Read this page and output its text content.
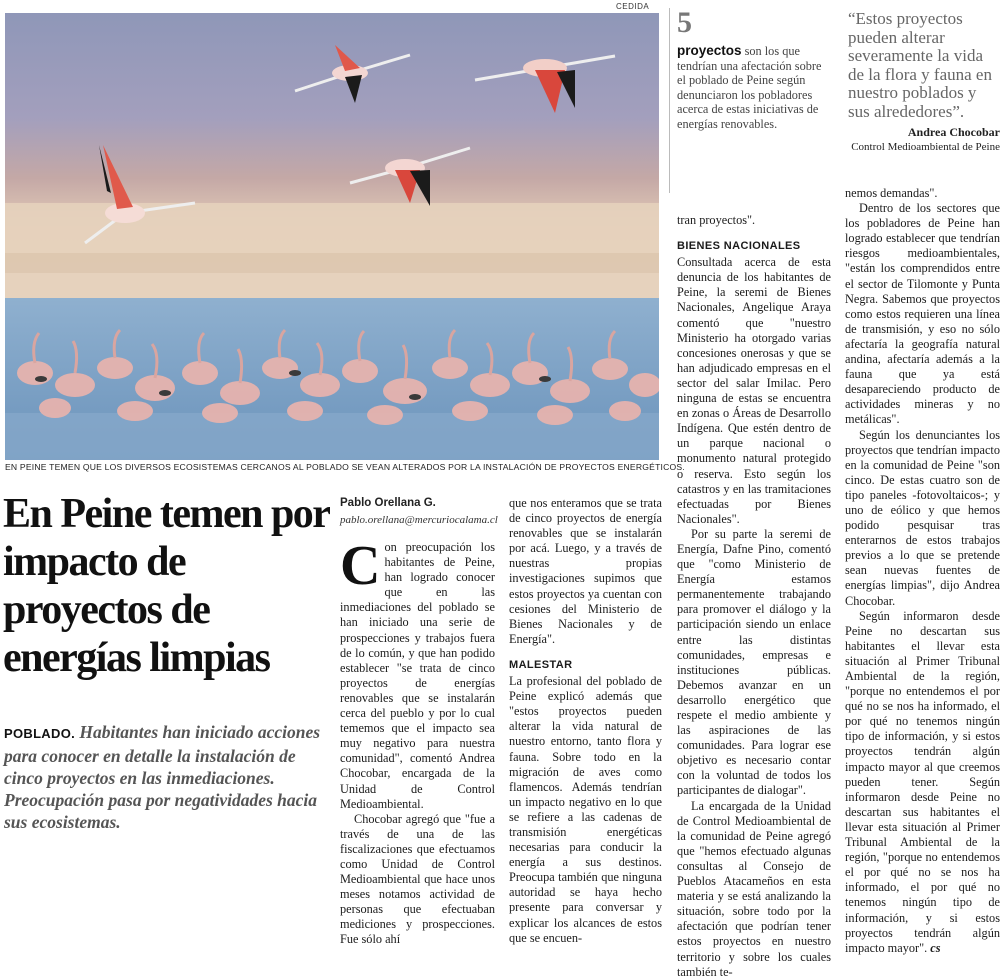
CEDIDA
EN PEINE TEMEN QUE LOS DIVERSOS ECOSISTEMAS CERCANOS AL POBLADO SE VEAN ALTERADOS POR LA INSTALACIÓN DE PROYECTOS ENERGÉTICOS.
En Peine temen por impacto de proyectos de energías limpias
POBLADO. Habitantes han iniciado acciones para conocer en detalle la instalación de cinco proyectos en las inmediaciones. Preocupación pasa por negatividades hacia sus ecosistemas.
Pablo Orellana G.
pablo.orellana@mercuriocalama.cl

Con preocupación los habitantes de Peine, han logrado conocer que en las inmediaciones del poblado se han iniciado una serie de prospecciones y trabajos fuera de lo común, y que han podido establecer "se trata de cinco proyectos de energías renovables que se instalarán cerca del pueblo y por lo cual tememos que el impacto sea muy negativo para nuestra comunidad", comentó Andrea Chocobar, encargada de la Unidad de Control Medioambiental.

Chocobar agregó que "fue a través de una de las fiscalizaciones que efectuamos como Unidad de Control Medioambiental que hace unos meses notamos actividad de personas que efectuaban mediciones y prospecciones. Fue sólo ahí

que nos enteramos que se trata de cinco proyectos de energía renovables que se instalarán por acá. Luego, y a través de nuestras propias investigaciones supimos que estos proyectos ya cuentan con cesiones del Ministerio de Bienes Nacionales y de Energía".

MALESTAR

La profesional del poblado de Peine explicó además que "estos proyectos pueden alterar la vida natural de nuestro entorno, tanto flora y fauna. Sobre todo en la migración de aves como flamencos. Además tendrían un impacto negativo en lo que se refiere a las cadenas de transmisión energéticas necesarias para conducir la energía a sus destinos. Preocupa también que ninguna autoridad se haya hecho presente para conversar y explicar los alcances de estos que se encuen-

5
proyectos son los que tendrían una afectación sobre el pobladо de Peine según denunciaron los pobladores acerca de estas iniciativas de energías renovables.
“Estos proyectos pueden alterar severamente la vida de la flora y fauna en nuestro poblados y sus alrededores”.
Andrea Chocobar
Control Medioambiental de Peine

tran proyectos".

BIENES NACIONALES

Consultada acerca de esta denuncia de los habitantes de Peine, la seremi de Bienes Nacionales, Angelique Araya comentó que "nuestro Ministerio ha otorgado varias concesiones onerosas y que se han adjudicado empresas en el sector del salar Imilac. Pero ninguna de estas se encuentra en zonas o Áreas de Desarrollo Indígena. Que estén dentro de un parque nacional o monumento natural protegido o reserva. Esto según los catastros y en las tramitaciones efectuadas por Bienes Nacionales".

Por su parte la seremi de Energía, Dafne Pino, comentó que "como Ministerio de Energía estamos permanentemente trabajando para promover el diálogo y la participación siendo un enlace entre las distintas comunidades, empresas e instituciones públicas. Debemos avanzar en un desarrollo energético que respete el medio ambiente y las aspiraciones de las comunidades. Para lograr ese objetivo es necesario contar con la voluntad de todos los participantes de dialogar".

La encargada de la Unidad de Control Medioambiental de la comunidad de Peine agregó que "hemos efectuado algunas consultas al Consejo de Pueblos Atacameños en esta materia y se está analizando la situación, sobre todo por la afectación que podrían tener estos proyectos en nuestro territorio y sobre los cuales también te-

nemos demandas".

Dentro de los sectores que los pobladores de Peine han logrado establecer que tendrían riesgos medioambientales, "están los comprendidos entre el sector de Tilomonte y Punta Negra. Sabemos que proyectos como estos requieren una línea de transmisión, y eso no sólo afectaría la geografía natural andina, afectaría además a la fauna que ya está desapareciendo producto de actividades mineras y no metálicas".

Según los denunciantes los proyectos que tendrían impacto en la comunidad de Peine "son cinco. De estas cuatro son de tipo paneles -fotovoltaicos-; y uno de eólico y que hemos podido pesquisar tras enterarnos de estos trabajos previos a lo que se pretende sean nuevas fuentes de energías limpias", dijo Andrea Chocobar.

Según informaron desde Peine no descartan sus habitantes el llevar esta situación al Primer Tribunal Ambiental de la región, "porque no entendemos el por qué no se nos ha informado, el por qué no tenemos ningún tipo de información, y si estos proyectos tendrán algún impacto mayor al que creemos pueden tener. Según informaron desde Peine no descartan sus habitantes el llevar esta situación al Primer Tribunal Ambiental de la región, "porque no entendemos el por qué no se nos ha informado, el por qué no tenemos ningún tipo de información, y si estos proyectos tendrán algún impacto mayor". cs
